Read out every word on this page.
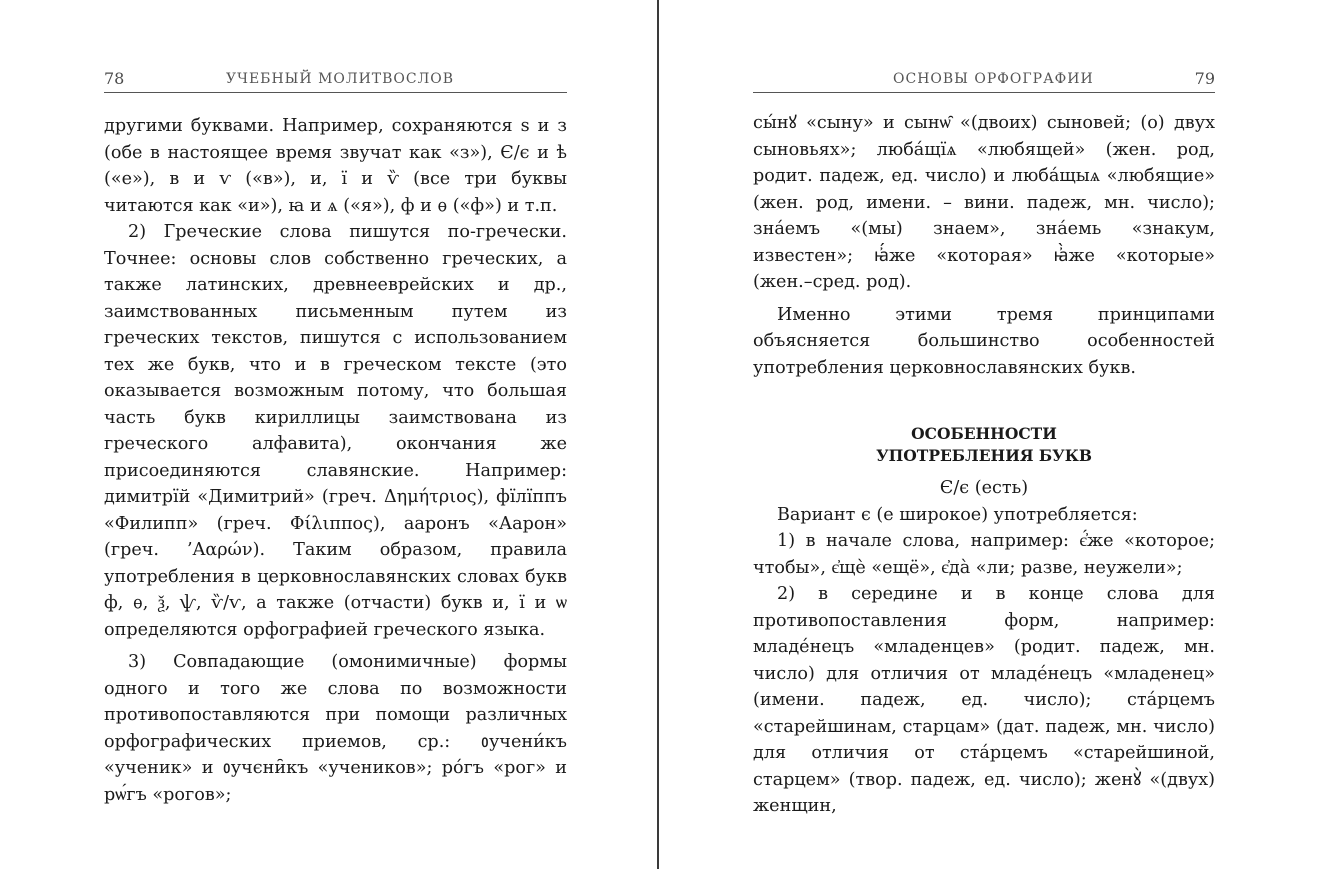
78	УЧЕБНЫЙ МОЛИТВОСЛОВ

другими буквами. Например, сохраняются ѕ и з (обе в настоящее время звучат как «з»), Є/є и ѣ («е»), в и ѵ («в»), и, ї и ѷ (все три буквы читаются как «и»), ꙗ и ѧ («я»), ф и ѳ («ф») и т.п.

2) Греческие слова пишутся по-гречески. Точнее: основы слов собственно греческих, а также латинских, древнееврейских и др., заимствованных письменным путем из греческих текстов, пишутся с использованием тех же букв, что и в греческом тексте (это оказывается возможным потому, что большая часть букв кириллицы заимствована из греческого алфавита), окончания же присоединяются славянские. Например: димитрїй «Димитрий» (греч. Δημήτριος), фїлїппъ «Филипп» (греч. Φίλιππος), ааронъ «Аарон» (греч. ’Ααρών). Таким образом, правила употребления в церковнославянских словах букв ф, ѳ, ѯ, ѱ, ѷ/ѵ, а также (отчасти) букв и, ї и ѡ определяются орфографией греческого языка.

3) Совпадающие (омонимичные) формы одного и того же слова по возможности противопоставляются при помощи различных орфографических приемов, ср.: ᲂучени́къ «ученик» и ᲂучєни̑къ «учеников»; ро́гъ «рог» и рѡ́гъ «рогов»;

ОСНОВЫ ОРФОГРАФИИ	79

сы́нꙋ «сыну» и сынѡ̑ «(двоих) сыновей; (о) двух сыновьях»; люба́щїѧ «любящей» (жен. род, родит. падеж, ед. число) и люба́щыѧ «любящие» (жен. род, имени. – вини. падеж, мн. число); зна́емъ «(мы) знаем», зна́емь «знакум, известен»; ꙗ҆́же «которая» ꙗ҆̀же «которые» (жен.–сред. род).

Именно этими тремя принципами объясняется большинство особенностей употребления церковнославянских букв.

ОСОБЕННОСТИ
УПОТРЕБЛЕНИЯ БУКВ

Є/є (есть)

Вариант є (е широкое) употребляется:

1) в начале слова, например: є҆́же «которое; чтобы», є҆щѐ «ещё», є҆да̀ «ли; разве, неужели»;

2) в середине и в конце слова для противопоставления форм, например: младе́нецъ «младенцев» (родит. падеж, мн. число) для отличия от младе́нецъ «младенец» (имени. падеж, ед. число); ста́рцемъ «старейшинам, старцам» (дат. падеж, мн. число) для отличия от ста́рцемъ «старейшиной, старцем» (твор. падеж, ед. число); женꙋ̀ «(двух) женщин,
